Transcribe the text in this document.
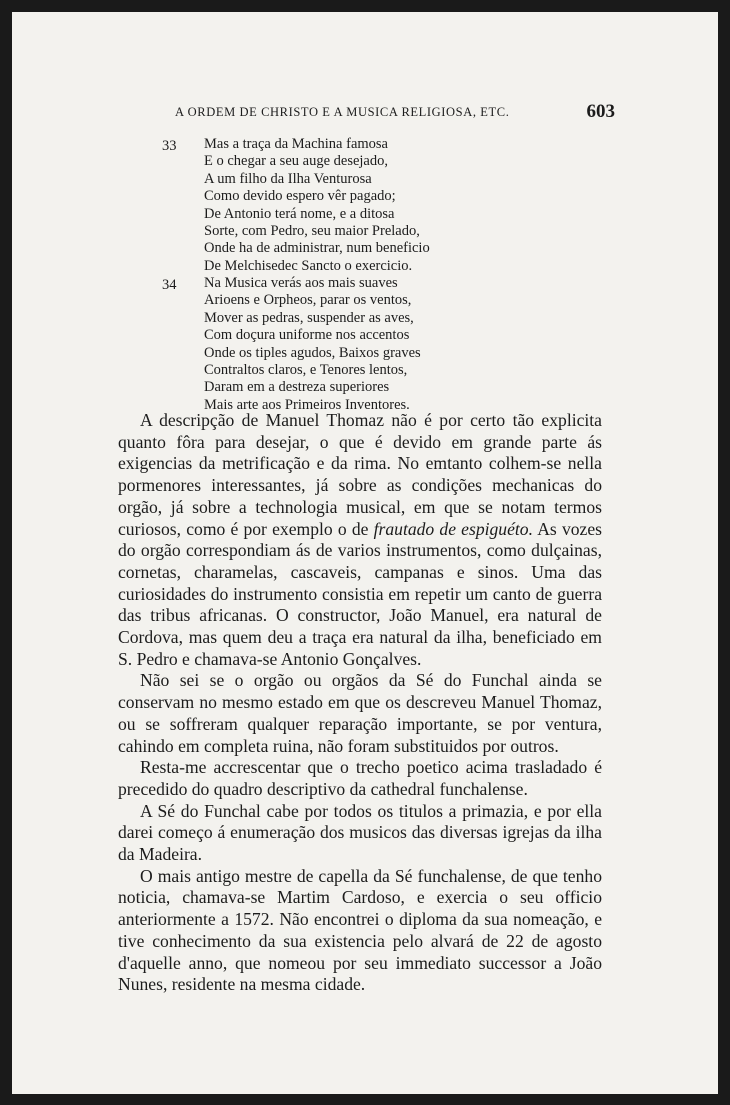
A ORDEM DE CHRISTO E A MUSICA RELIGIOSA, ETC.	603
33	Mas a traça da Machina famosa
E o chegar a seu auge desejado,
A um filho da Ilha Venturosa
Como devido espero vêr pagado;
De Antonio terá nome, e a ditosa
Sorte, com Pedro, seu maior Prelado,
Onde ha de administrar, num beneficio
De Melchisedec Sancto o exercicio.
34	Na Musica verás aos mais suaves
Arioens e Orpheos, parar os ventos,
Mover as pedras, suspender as aves,
Com doçura uniforme nos accentos
Onde os tiples agudos, Baixos graves
Contraltos claros, e Tenores lentos,
Daram em a destreza superiores
Mais arte aos Primeiros Inventores.

A descripção de Manuel Thomaz não é por certo tão explicita quanto fôra para desejar, o que é devido em grande parte ás exigencias da metrificação e da rima. No emtanto colhem-se nella pormenores interessantes, já sobre as condições mechanicas do orgão, já sobre a technologia musical, em que se notam termos curiosos, como é por exemplo o de frautado de espiguéto. As vozes do orgão correspondiam ás de varios instrumentos, como dulçainas, cornetas, charamelas, cascaveis, campanas e sinos. Uma das curiosidades do instrumento consistia em repetir um canto de guerra das tribus africanas. O constructor, João Manuel, era natural de Cordova, mas quem deu a traça era natural da ilha, beneficiado em S. Pedro e chamava-se Antonio Gonçalves.

Não sei se o orgão ou orgãos da Sé do Funchal ainda se conservam no mesmo estado em que os descreveu Manuel Thomaz, ou se soffreram qualquer reparação importante, se por ventura, cahindo em completa ruina, não foram substituidos por outros.

Resta-me accrescentar que o trecho poetico acima trasladado é precedido do quadro descriptivo da cathedral funchalense.

A Sé do Funchal cabe por todos os titulos a primazia, e por ella darei começo á enumeração dos musicos das diversas igrejas da ilha da Madeira.

O mais antigo mestre de capella da Sé funchalense, de que tenho noticia, chamava-se Martim Cardoso, e exercia o seu officio anteriormente a 1572. Não encontrei o diploma da sua nomeação, e tive conhecimento da sua existencia pelo alvará de 22 de agosto d'aquelle anno, que nomeou por seu immediato successor a João Nunes, residente na mesma cidade.
